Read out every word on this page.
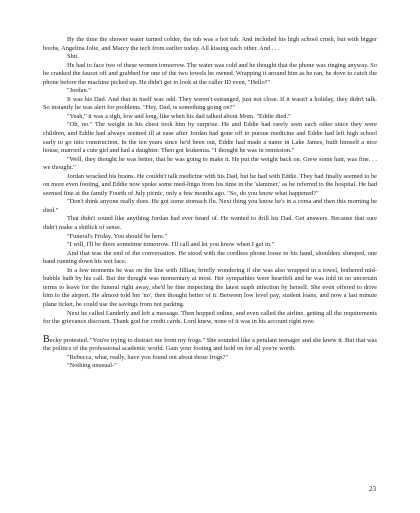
By the time the shower water turned colder, the tub was a hot tub. And included his high school crush, but with bigger boobs, Angelina Jolie, and Marcy the tech from earlier today. All kissing each other. And . . .

Shit.

He had to face two of these women tomorrow. The water was cold and he thought that the phone was ringing anyway. So he cranked the faucet off and grabbed for one of the two towels he owned. Wrapping it around him as he ran, he dove to catch the phone before the machine picked up. He didn't get to look at the caller ID even, "Hello?"

"Jordan."

It was his Dad. And that in itself was odd. They weren't estranged, just not close. If it wasn't a holiday, they didn't talk. So instantly he was alert for problems. "Hey, Dad, is something going on?"

"Yeah," it was a sigh, low and long, like when his dad talked about Mom. "Eddie died."

"Oh, no." The weight in his chest took him by surprise. He and Eddie had rarely seen each other since they were children, and Eddie had always seemed ill at ease after Jordan had gone off to pursue medicine and Eddie had left high school early to go into construction. In the ten years since he'd been out, Eddie had made a name in Lake James, built himself a nice house, married a cute girl and had a daughter. Then got leukemia. "I thought he was in remission."

"Well, they thought he was better, that he was going to make it. He put the weight back on. Grew some hair, was fine. . . we thought."

Jordan wracked his brains. He couldn't talk medicine with his Dad, but he had with Eddie. They had finally seemed to be on more even footing, and Eddie now spoke some med-lingo from his time in the 'slammer,' as he referred to the hospital. He had seemed fine at the family Fourth of July picnic, only a few months ago. "So, do you know what happened?"

"Don't think anyone really does. He got some stomach flu. Next thing you know he's in a coma and then this morning he died."

That didn't sound like anything Jordan had ever heard of. He wanted to drill his Dad. Get answers. Because that sure didn't make a shitlick of sense.

"Funeral's Friday. You should be here."

"I will, I'll be there sometime tomorrow. I'll call and let you know when I get in."

And that was the end of the conversation. He stood with the cordless phone loose in his hand, shoulders slumped, one hand running down his wet face.

In a few moments he was on the line with Jillian, briefly wondering if she was also wrapped in a towel, bothered mid-bubble bath by his call. But the thought was momentary at most. Her sympathies were heartfelt and he was told in no uncertain terms to leave for the funeral right away, she'd be fine inspecting the latest staph infection by herself. She even offered to drive him to the airport. He almost told her 'no', then thought better of it. Between low level pay, student loans, and now a last minute plane ticket, he could use the savings from not parking.

Next he called Landerly and left a message. Then hopped online, and even called the airline, getting all the requirements for the grievance discount. Thank god for credit cards. Lord knew, none of it was in his account right now.

Becky protested. "You're trying to distract me from my frogs." She sounded like a petulant teenager and she knew it. But that was the politics of the professional academic world. Gain your footing and hold on for all you're worth.

"Rebecca, what, really, have you found out about those frogs?"

"Nothing unusual-"

23
